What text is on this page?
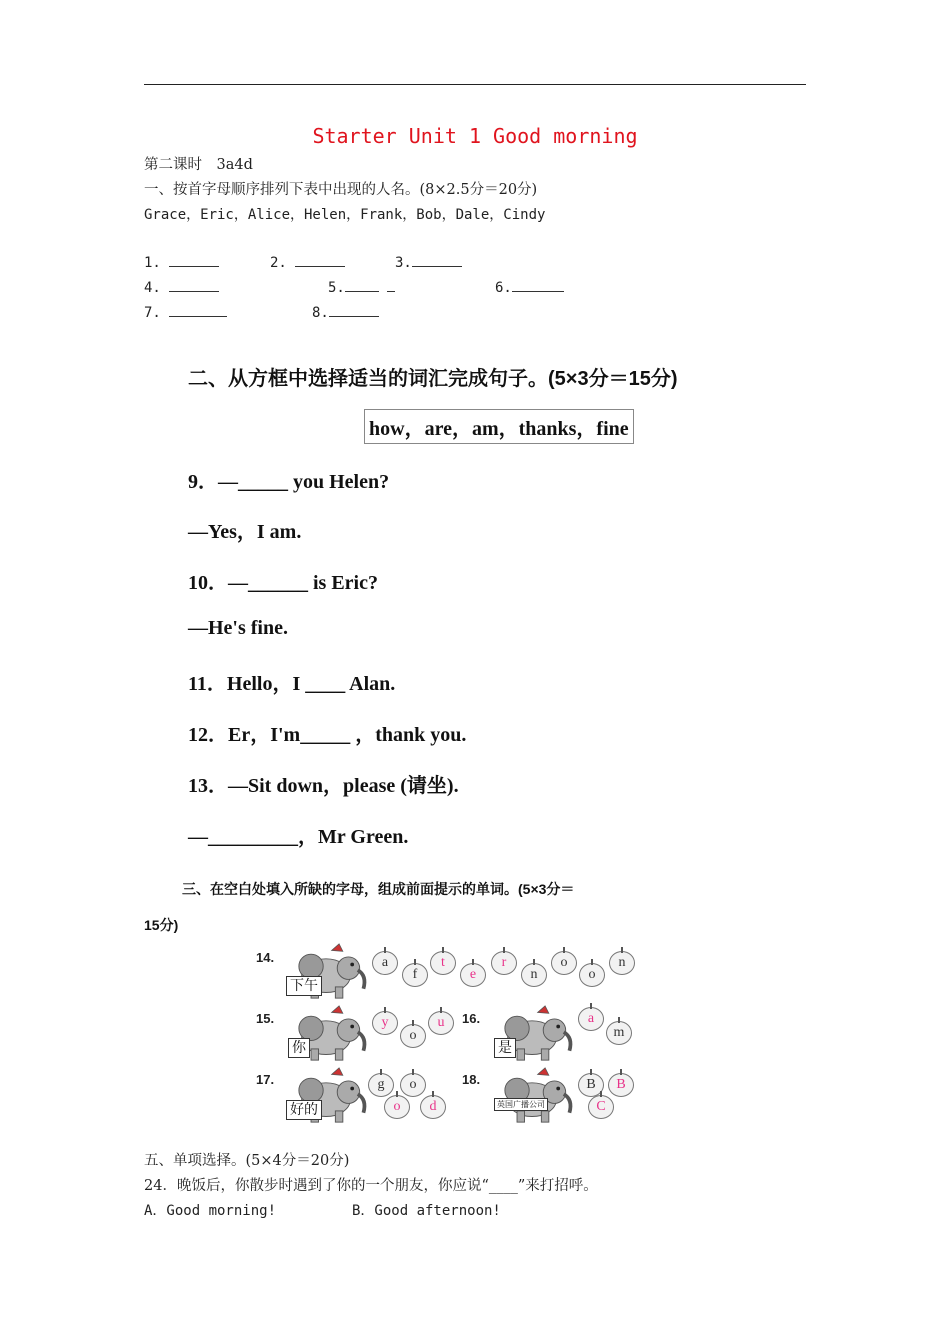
Starter Unit 1 Good morning
第二课时　3a4d
一、按首字母顺序排列下表中出现的人名。(8×2.5分＝20分)
Grace，Eric，Alice，Helen，Frank，Bob，Dale，Cindy
1.	2.	3.
4.	5.	6.
7.	8.
二、从方框中选择适当的词汇完成句子。(5×3分＝15分)
how，are，am，thanks，fine
9．—_____ you Helen?
—Yes，I am.
10．—______ is Eric?
—He's fine.
11．Hello，I ____ Alan.
12．Er，I'm_____ ，thank you.
13．—Sit down，please (请坐).
—_________，Mr Green.
三、在空白处填入所缺的字母，组成前面提示的单词。(5×3分＝
15分)
14.
下午
a
f
t
e
r
n
o
o
n
15.
你
y
o
u	16.
是
a
m
17.
好的
g	o
o	d
18.
英国广播公司
B	B
C
五、单项选择。(5×4分＝20分)
24．晚饭后，你散步时遇到了你的一个朋友，你应说“____”来打招呼。
A．Good morning!	B．Good afternoon!
